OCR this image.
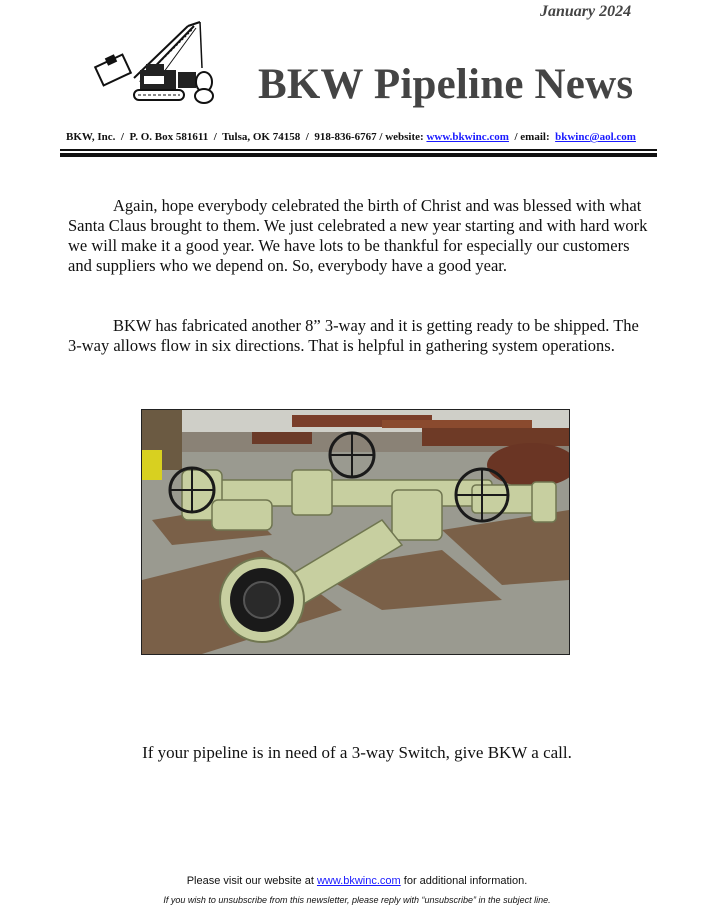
January 2024
BKW Pipeline News
BKW, Inc.  /  P. O. Box 581611  /  Tulsa, OK 74158  /  918-836-6767 / website: www.bkwinc.com  / email: bkwinc@aol.com

Again, hope everybody celebrated the birth of Christ and was blessed with what Santa Claus brought to them. We just celebrated a new year starting and with hard work we will make it a good year. We have lots to be thankful for especially our customers and suppliers who we depend on. So, everybody have a good year.

BKW has fabricated another 8” 3-way and it is getting ready to be shipped. The 3-way allows flow in six directions. That is helpful in gathering system operations.

If your pipeline is in need of a 3-way Switch, give BKW a call.

Please visit our website at www.bkwinc.com for additional information.
If you wish to unsubscribe from this newsletter, please reply with “unsubscribe” in the subject line.
